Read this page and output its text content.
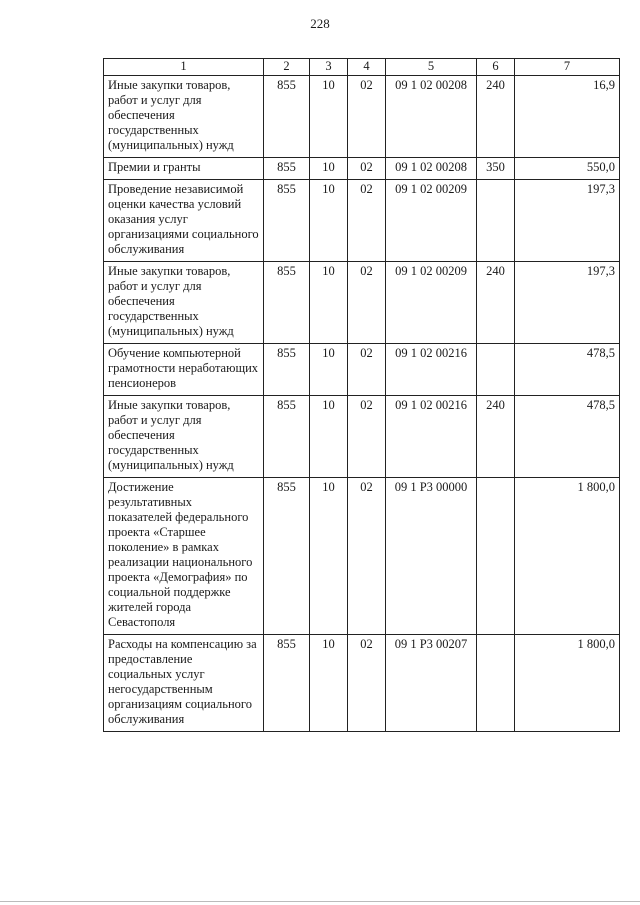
228
1	2	3	4	5	6	7
Иные закупки товаров, работ и услуг для обеспечения государственных (муниципальных) нужд	855	10	02	09 1 02 00208	240	16,9
Премии и гранты	855	10	02	09 1 02 00208	350	550,0
Проведение независимой оценки качества условий оказания услуг организациями социального обслуживания	855	10	02	09 1 02 00209		197,3
Иные закупки товаров, работ и услуг для обеспечения государственных (муниципальных) нужд	855	10	02	09 1 02 00209	240	197,3
Обучение компьютерной грамотности неработающих пенсионеров	855	10	02	09 1 02 00216		478,5
Иные закупки товаров, работ и услуг для обеспечения государственных (муниципальных) нужд	855	10	02	09 1 02 00216	240	478,5
Достижение результативных показателей федерального проекта «Старшее поколение» в рамках реализации национального проекта «Демография» по социальной поддержке жителей города Севастополя	855	10	02	09 1 P3 00000		1 800,0
Расходы на компенсацию за предоставление социальных услуг негосударственным организациям социального обслуживания	855	10	02	09 1 P3 00207		1 800,0
